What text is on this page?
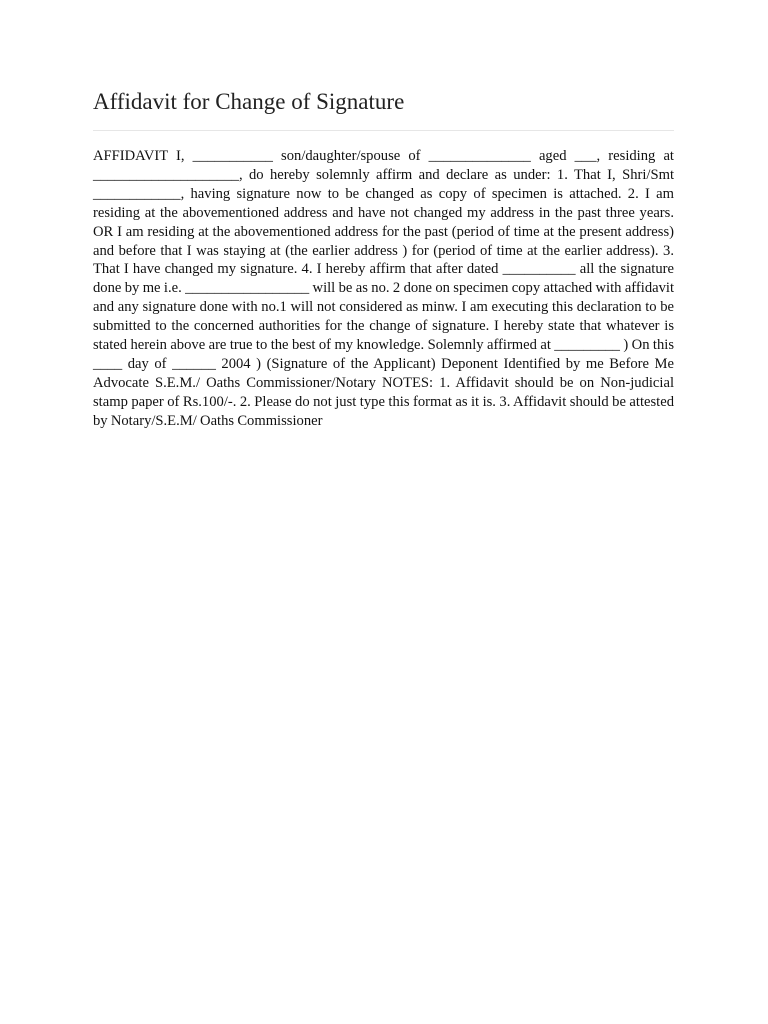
Affidavit for Change of Signature

AFFIDAVIT I, ___________ son/daughter/spouse of ______________ aged ___, residing at ____________________, do hereby solemnly affirm and declare as under: 1. That I, Shri/Smt ____________, having signature now to be changed as copy of specimen is attached. 2. I am residing at the abovementioned address and have not changed my address in the past three years. OR I am residing at the abovementioned address for the past (period of time at the present address) and before that I was staying at (the earlier address ) for (period of time at the earlier address). 3. That I have changed my signature. 4. I hereby affirm that after dated __________ all the signature done by me i.e. _________________ will be as no. 2 done on specimen copy attached with affidavit and any signature done with no.1 will not considered as minw. I am executing this declaration to be submitted to the concerned authorities for the change of signature. I hereby state that whatever is stated herein above are true to the best of my knowledge. Solemnly affirmed at _________ ) On this ____ day of ______ 2004 ) (Signature of the Applicant) Deponent Identified by me Before Me Advocate S.E.M./ Oaths Commissioner/Notary NOTES: 1. Affidavit should be on Non-judicial stamp paper of Rs.100/-. 2. Please do not just type this format as it is. 3. Affidavit should be attested by Notary/S.E.M/ Oaths Commissioner
